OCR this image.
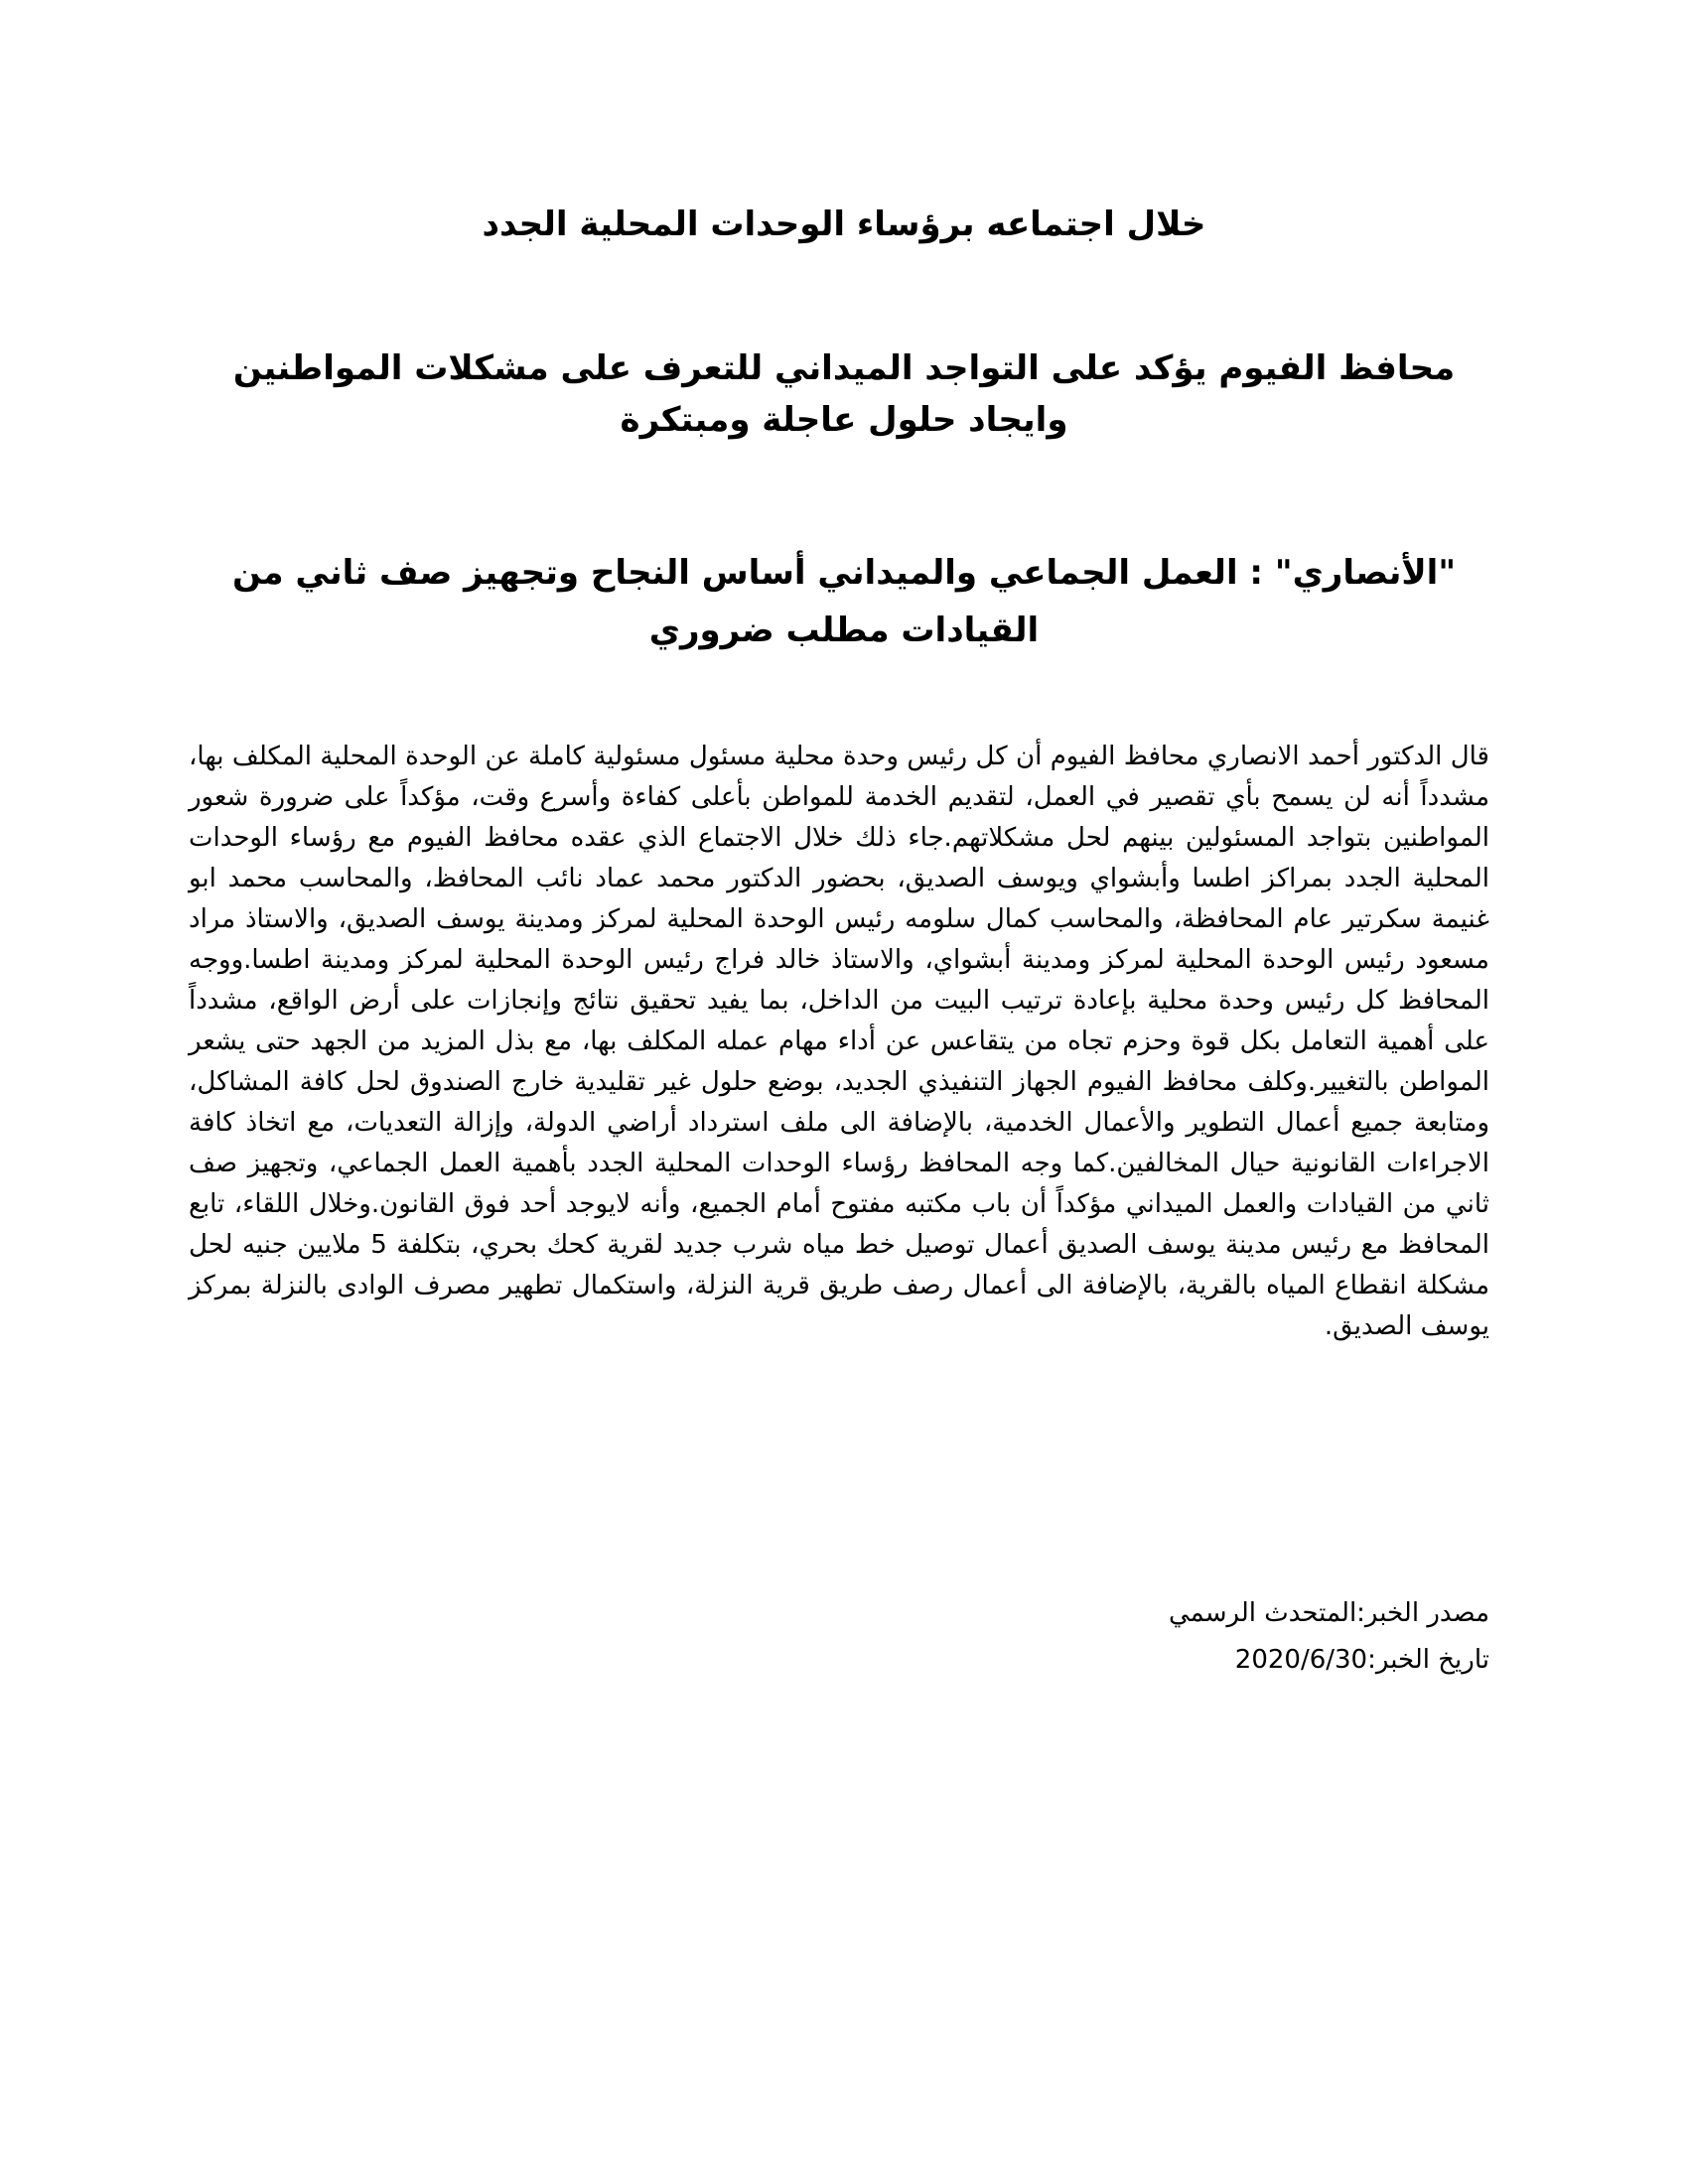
خلال اجتماعه برؤساء الوحدات المحلية الجدد
محافظ الفيوم يؤكد على التواجد الميداني للتعرف على مشكلات المواطنين وايجاد حلول عاجلة ومبتكرة
"الأنصاري" : العمل الجماعي والميداني أساس النجاح وتجهيز صف ثاني من القيادات مطلب ضروري

قال الدكتور أحمد الانصاري محافظ الفيوم أن كل رئيس وحدة محلية مسئول مسئولية كاملة عن الوحدة المحلية المكلف بها، مشدداً أنه لن يسمح بأي تقصير في العمل، لتقديم الخدمة للمواطن بأعلى كفاءة وأسرع وقت، مؤكداً على ضرورة شعور المواطنين بتواجد المسئولين بينهم لحل مشكلاتهم.جاء ذلك خلال الاجتماع الذي عقده محافظ الفيوم مع رؤساء الوحدات المحلية الجدد بمراكز اطسا وأبشواي ويوسف الصديق، بحضور الدكتور محمد عماد نائب المحافظ، والمحاسب محمد ابو غنيمة سكرتير عام المحافظة، والمحاسب كمال سلومه رئيس الوحدة المحلية لمركز ومدينة يوسف الصديق، والاستاذ مراد مسعود رئيس الوحدة المحلية لمركز ومدينة أبشواي، والاستاذ خالد فراج رئيس الوحدة المحلية لمركز ومدينة اطسا.ووجه المحافظ كل رئيس وحدة محلية بإعادة ترتيب البيت من الداخل، بما يفيد تحقيق نتائج وإنجازات على أرض الواقع، مشدداً على أهمية التعامل بكل قوة وحزم تجاه من يتقاعس عن أداء مهام عمله المكلف بها، مع بذل المزيد من الجهد حتى يشعر المواطن بالتغيير.وكلف محافظ الفيوم الجهاز التنفيذي الجديد، بوضع حلول غير تقليدية خارج الصندوق لحل كافة المشاكل، ومتابعة جميع أعمال التطوير والأعمال الخدمية، بالإضافة الى ملف استرداد أراضي الدولة، وإزالة التعديات، مع اتخاذ كافة الاجراءات القانونية حيال المخالفين.كما وجه المحافظ رؤساء الوحدات المحلية الجدد بأهمية العمل الجماعي، وتجهيز صف ثاني من القيادات والعمل الميداني مؤكداً أن باب مكتبه مفتوح أمام الجميع، وأنه لايوجد أحد فوق القانون.وخلال اللقاء، تابع المحافظ مع رئيس مدينة يوسف الصديق أعمال توصيل خط مياه شرب جديد لقرية كحك بحري، بتكلفة 5 ملايين جنيه لحل مشكلة انقطاع المياه بالقرية، بالإضافة الى أعمال رصف طريق قرية النزلة، واستكمال تطهير مصرف الوادى بالنزلة بمركز يوسف الصديق.

مصدر الخبر:المتحدث الرسمي

تاريخ الخبر:2020/6/30
